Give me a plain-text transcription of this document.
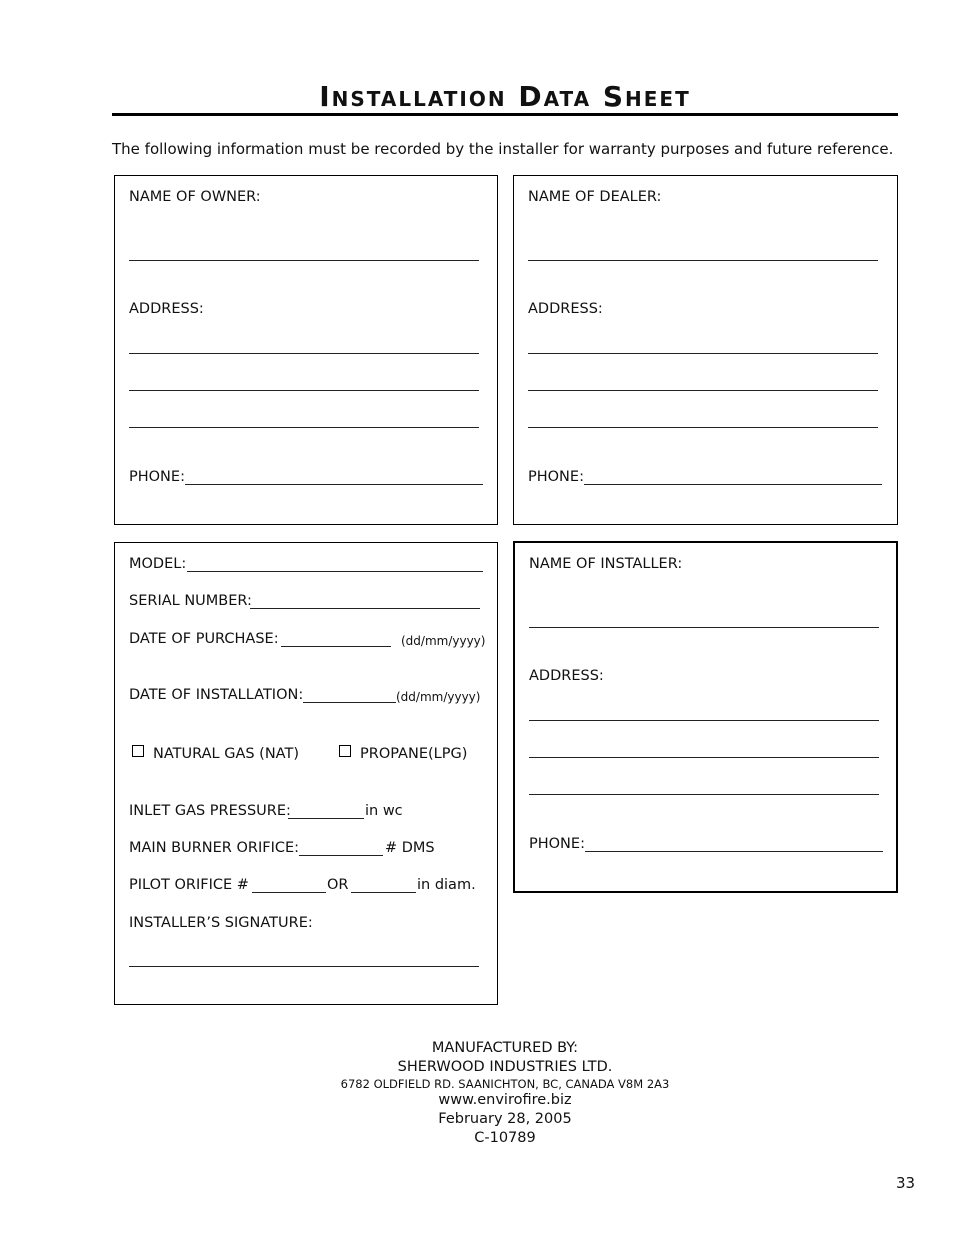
Installation Data Sheet
The following information must be recorded by the installer for warranty purposes and future reference.
NAME OF OWNER:
ADDRESS:
PHONE:
NAME OF DEALER:
ADDRESS:
PHONE:
MODEL:
SERIAL NUMBER:
DATE OF PURCHASE:	(dd/mm/yyyy)
DATE OF INSTALLATION:	(dd/mm/yyyy)
NATURAL GAS (NAT)	PROPANE(LPG)
INLET GAS PRESSURE:	in wc
MAIN BURNER ORIFICE:	# DMS
PILOT ORIFICE #	OR	in diam.
INSTALLER’S SIGNATURE:
NAME OF INSTALLER:
ADDRESS:
PHONE:
MANUFACTURED BY:
SHERWOOD INDUSTRIES LTD.
6782 OLDFIELD RD. SAANICHTON, BC, CANADA V8M 2A3
www.envirofire.biz
February 28, 2005
C-10789
33
